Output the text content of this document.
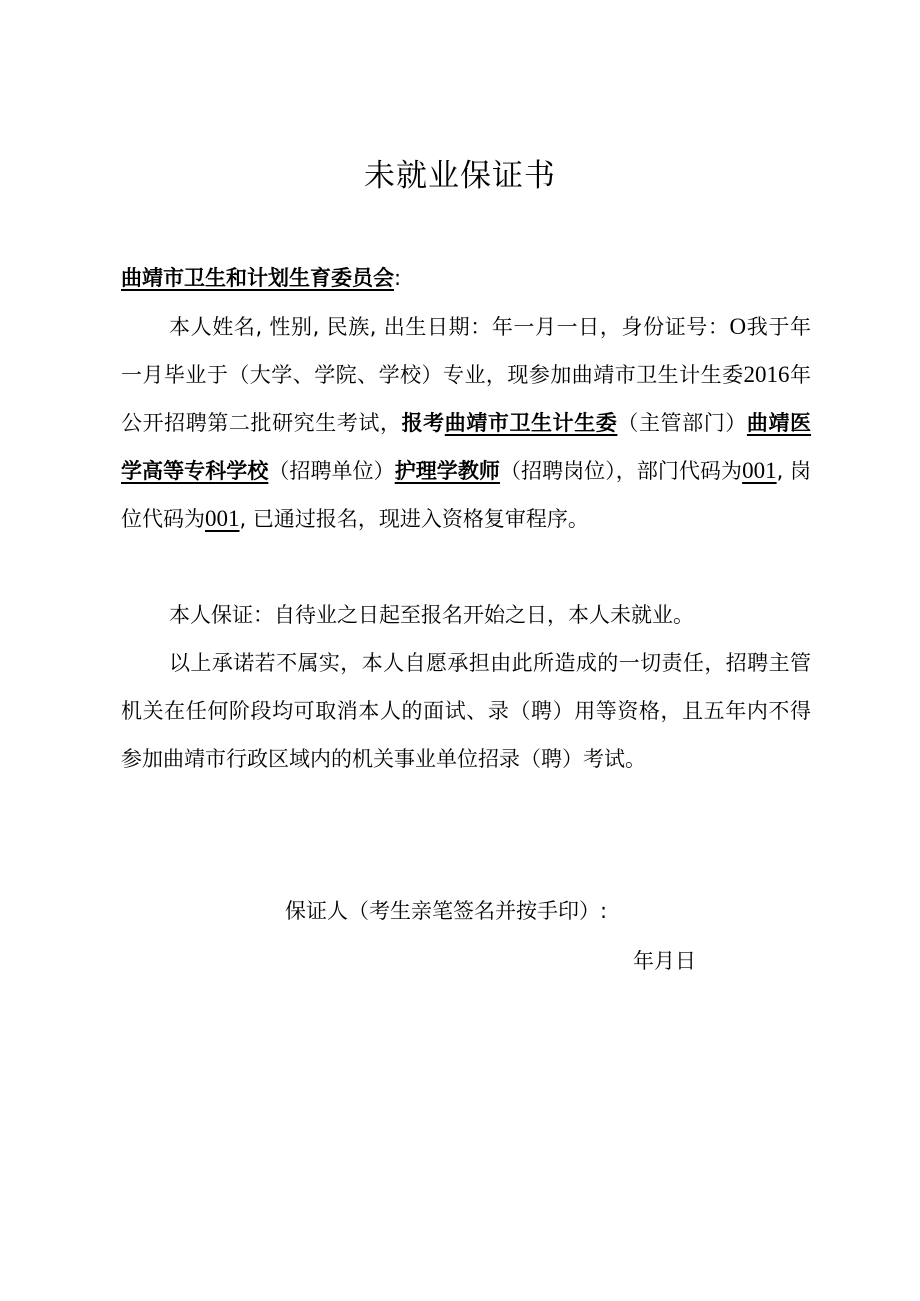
未就业保证书

曲靖市卫生和计划生育委员会:

本人姓名, 性别, 民族, 出生日期：年一月一日，身份证号：O我于年一月毕业于（大学、学院、学校）专业，现参加曲靖市卫生计生委2016年公开招聘第二批研究生考试，报考曲靖市卫生计生委（主管部门）曲靖医学高等专科学校（招聘单位）护理学教师（招聘岗位），部门代码为001, 岗位代码为001, 已通过报名，现进入资格复审程序。

本人保证：自待业之日起至报名开始之日，本人未就业。

以上承诺若不属实，本人自愿承担由此所造成的一切责任，招聘主管机关在任何阶段均可取消本人的面试、录（聘）用等资格，且五年内不得参加曲靖市行政区域内的机关事业单位招录（聘）考试。

保证人（考生亲笔签名并按手印）:

年月日
